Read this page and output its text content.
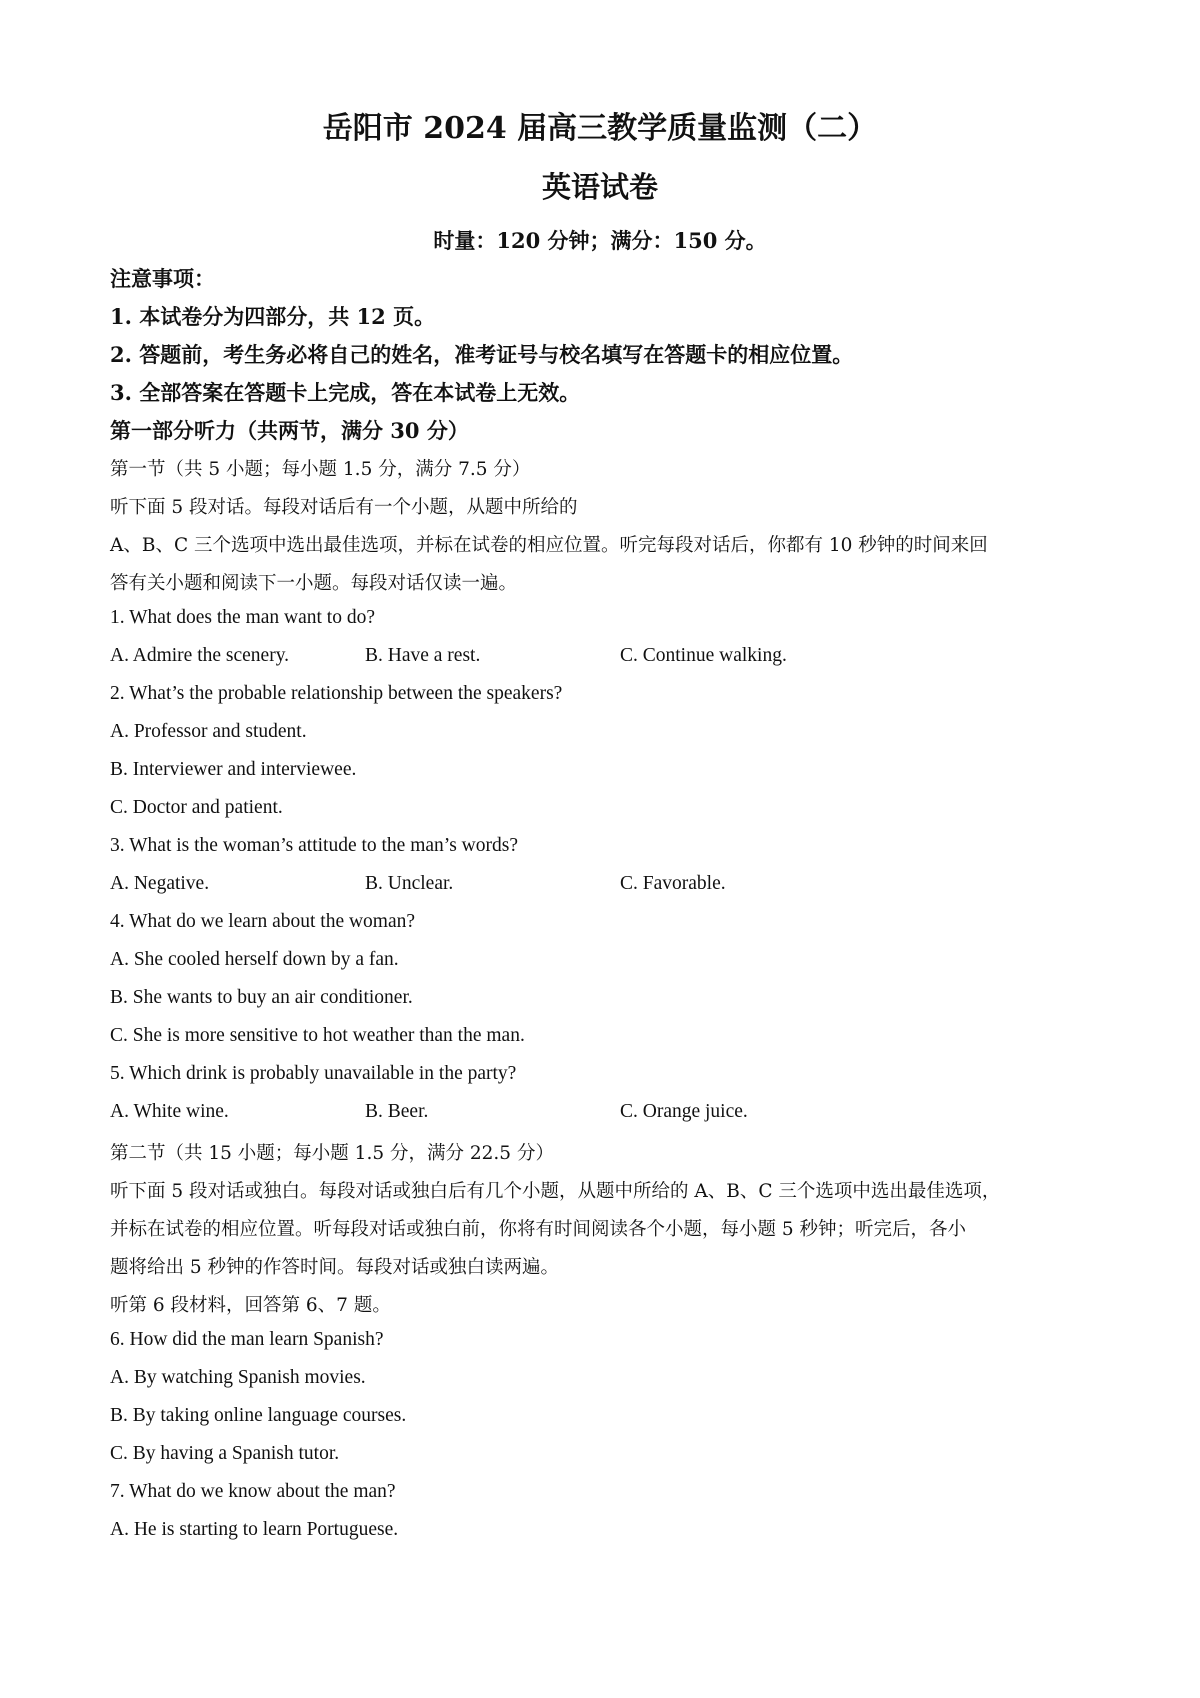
岳阳市 2024 届高三教学质量监测（二）
英语试卷
时量：120 分钟；满分：150 分。
注意事项：
1. 本试卷分为四部分，共 12 页。
2. 答题前，考生务必将自己的姓名，准考证号与校名填写在答题卡的相应位置。
3. 全部答案在答题卡上完成，答在本试卷上无效。
第一部分听力（共两节，满分 30 分）
第一节（共 5 小题；每小题 1.5 分，满分 7.5 分）
听下面 5 段对话。每段对话后有一个小题，从题中所给的
A、B、C 三个选项中选出最佳选项，并标在试卷的相应位置。听完每段对话后，你都有 10 秒钟的时间来回
答有关小题和阅读下一小题。每段对话仅读一遍。
1. What does the man want to do?
A. Admire the scenery.	B. Have a rest.	C. Continue walking.
2. What’s the probable relationship between the speakers?
A. Professor and student.
B. Interviewer and interviewee.
C. Doctor and patient.
3. What is the woman’s attitude to the man’s words?
A. Negative.	B. Unclear.	C. Favorable.
4. What do we learn about the woman?
A. She cooled herself down by a fan.
B. She wants to buy an air conditioner.
C. She is more sensitive to hot weather than the man.
5. Which drink is probably unavailable in the party?
A. White wine.	B. Beer.	C. Orange juice.
第二节（共 15 小题；每小题 1.5 分，满分 22.5 分）
听下面 5 段对话或独白。每段对话或独白后有几个小题，从题中所给的 A、B、C 三个选项中选出最佳选项，
并标在试卷的相应位置。听每段对话或独白前，你将有时间阅读各个小题，每小题 5 秒钟；听完后，各小
题将给出 5 秒钟的作答时间。每段对话或独白读两遍。
听第 6 段材料，回答第 6、7 题。
6. How did the man learn Spanish?
A. By watching Spanish movies.
B. By taking online language courses.
C. By having a Spanish tutor.
7. What do we know about the man?
A. He is starting to learn Portuguese.
